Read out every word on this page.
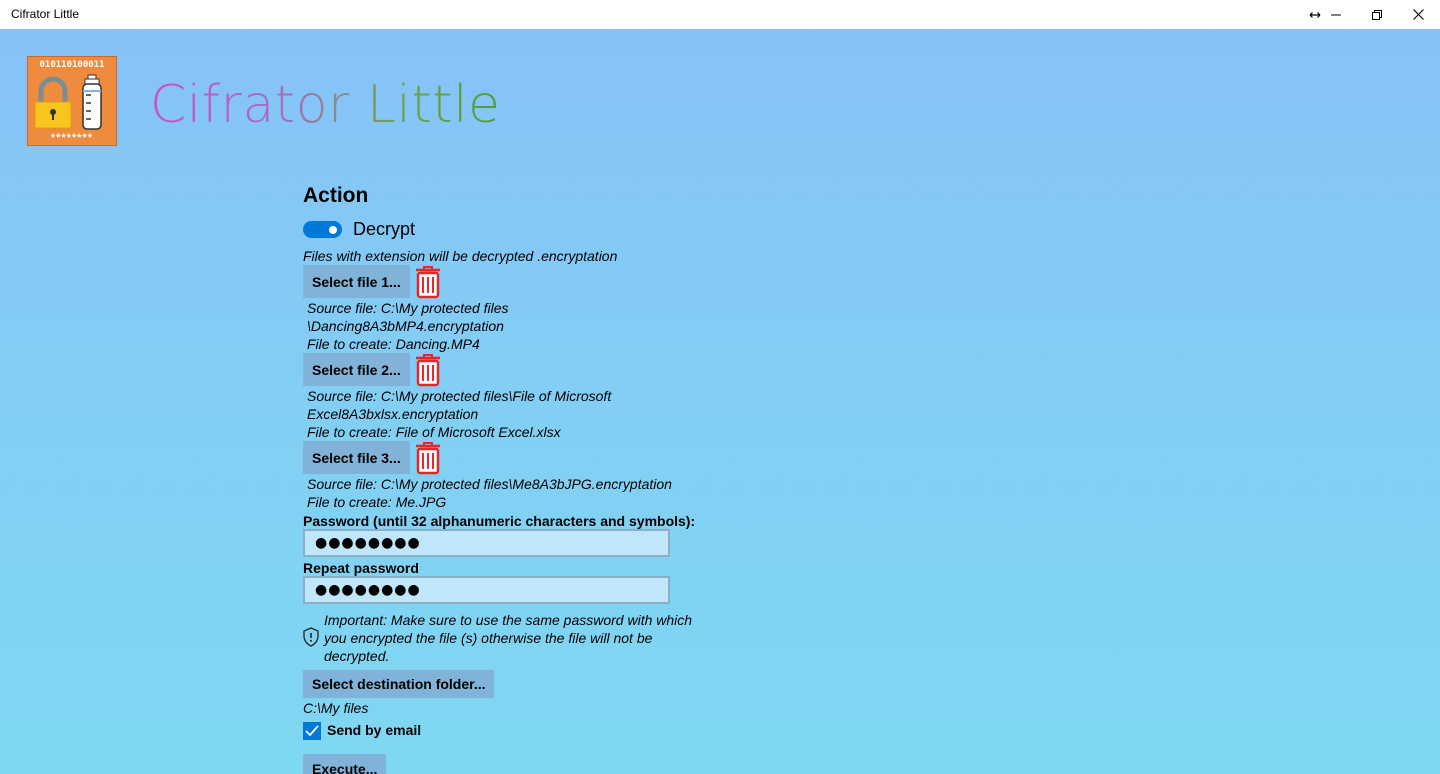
Cifrator Little
010110100011
********
Cifrator Little
Action
Decrypt
Files with extension will be decrypted .encryptation
Select file 1...
Source file: C:\My protected files
\Dancing8A3bMP4.encryptation
File to create: Dancing.MP4
Select file 2...
Source file: C:\My protected files\File of Microsoft
Excel8A3bxlsx.encryptation
File to create: File of Microsoft Excel.xlsx
Select file 3...
Source file: C:\My protected files\Me8A3bJPG.encryptation
File to create: Me.JPG
Password (until 32 alphanumeric characters and symbols):
●●●●●●●●
Repeat password
●●●●●●●●
Important: Make sure to use the same password with which
you encrypted the file (s) otherwise the file will not be
decrypted.
Select destination folder...
C:\My files
Send by email
Execute...
